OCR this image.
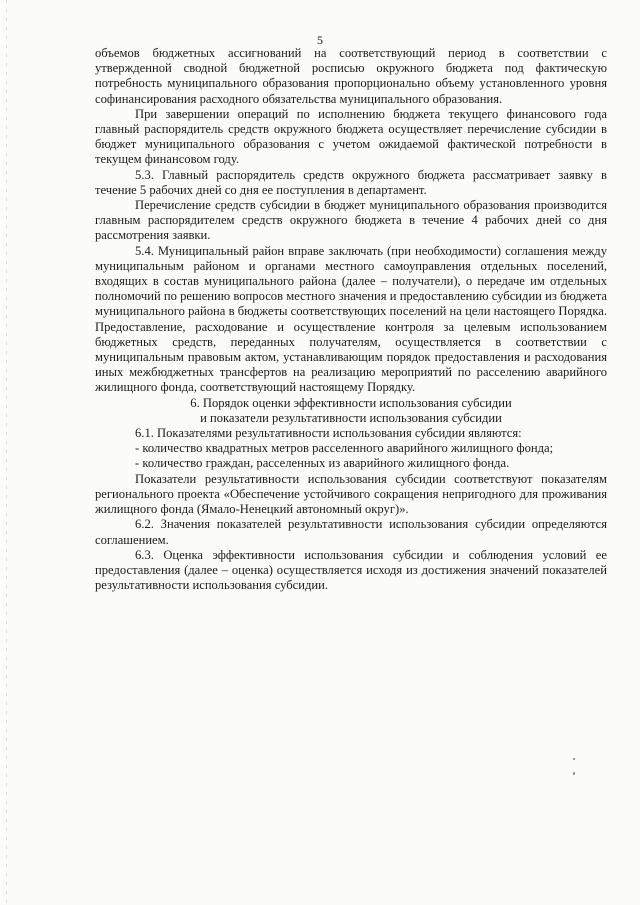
5

объемов бюджетных ассигнований на соответствующий период в соответствии с утвержденной сводной бюджетной росписью окружного бюджета под фактическую потребность муниципального образования пропорционально объему установленного уровня софинансирования расходного обязательства муниципального образования.

При завершении операций по исполнению бюджета текущего финансового года главный распорядитель средств окружного бюджета осуществляет перечисление субсидии в бюджет муниципального образования с учетом ожидаемой фактической потребности в текущем финансовом году.

5.3. Главный распорядитель средств окружного бюджета рассматривает заявку в течение 5 рабочих дней со дня ее поступления в департамент.

Перечисление средств субсидии в бюджет муниципального образования производится главным распорядителем средств окружного бюджета в течение 4 рабочих дней со дня рассмотрения заявки.

5.4. Муниципальный район вправе заключать (при необходимости) соглашения между муниципальным районом и органами местного самоуправления отдельных поселений, входящих в состав муниципального района (далее – получатели), о передаче им отдельных полномочий по решению вопросов местного значения и предоставлению субсидии из бюджета муниципального района в бюджеты соответствующих поселений на цели настоящего Порядка. Предоставление, расходование и осуществление контроля за целевым использованием бюджетных средств, переданных получателям, осуществляется в соответствии с муниципальным правовым актом, устанавливающим порядок предоставления и расходования иных межбюджетных трансфертов на реализацию мероприятий по расселению аварийного жилищного фонда, соответствующий настоящему Порядку.

6. Порядок оценки эффективности использования субсидии
и показатели результативности использования субсидии

6.1. Показателями результативности использования субсидии являются:

- количество квадратных метров расселенного аварийного жилищного фонда;

- количество граждан, расселенных из аварийного жилищного фонда.

Показатели результативности использования субсидии соответствуют показателям регионального проекта «Обеспечение устойчивого сокращения непригодного для проживания жилищного фонда (Ямало-Ненецкий автономный округ)».

6.2. Значения показателей результативности использования субсидии определяются соглашением.

6.3. Оценка эффективности использования субсидии и соблюдения условий ее предоставления (далее – оценка) осуществляется исходя из достижения значений показателей результативности использования субсидии.
